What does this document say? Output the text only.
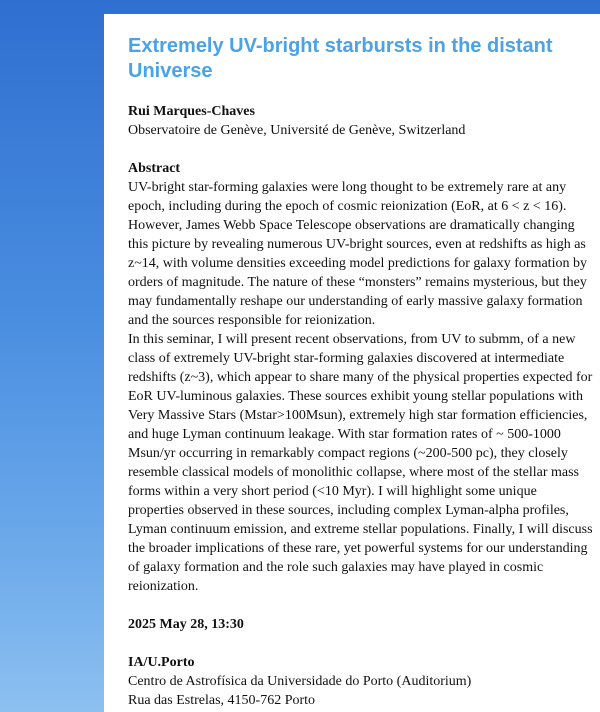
Extremely UV-bright starbursts in the distant Universe
Rui Marques-Chaves
Observatoire de Genève, Université de Genève, Switzerland
Abstract

UV-bright star-forming galaxies were long thought to be extremely rare at any epoch, including during the epoch of cosmic reionization (EoR, at 6 < z < 16). However, James Webb Space Telescope observations are dramatically changing this picture by revealing numerous UV-bright sources, even at redshifts as high as z~14, with volume densities exceeding model predictions for galaxy formation by orders of magnitude. The nature of these “monsters” remains mysterious, but they may fundamentally reshape our understanding of early massive galaxy formation and the sources responsible for reionization.

In this seminar, I will present recent observations, from UV to submm, of a new class of extremely UV-bright star-forming galaxies discovered at intermediate redshifts (z~3), which appear to share many of the physical properties expected for EoR UV-luminous galaxies. These sources exhibit young stellar populations with Very Massive Stars (Mstar>100Msun), extremely high star formation efficiencies, and huge Lyman continuum leakage. With star formation rates of ~ 500-1000 Msun/yr occurring in remarkably compact regions (~200-500 pc), they closely resemble classical models of monolithic collapse, where most of the stellar mass forms within a very short period (<10 Myr). I will highlight some unique properties observed in these sources, including complex Lyman-alpha profiles, Lyman continuum emission, and extreme stellar populations. Finally, I will discuss the broader implications of these rare, yet powerful systems for our understanding of galaxy formation and the role such galaxies may have played in cosmic reionization.

2025 May 28, 13:30
IA/U.Porto
Centro de Astrofísica da Universidade do Porto (Auditorium)
Rua das Estrelas, 4150-762 Porto
